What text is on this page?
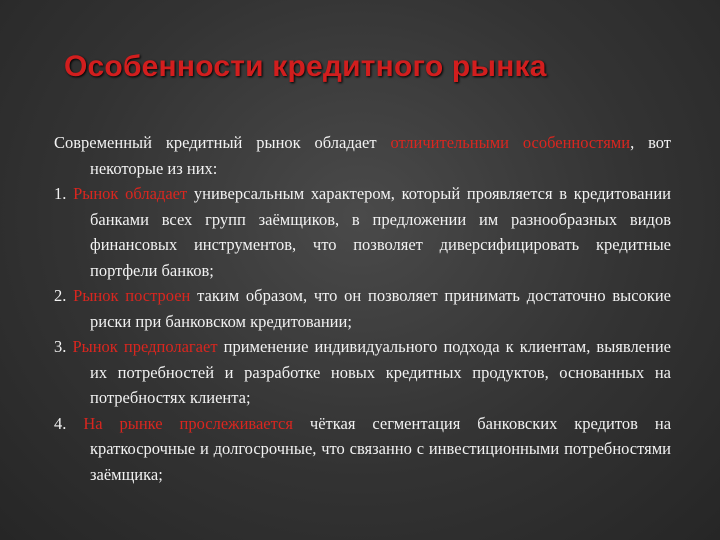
Особенности кредитного рынка

Современный кредитный рынок обладает отличительными особенностями, вот некоторые из них:

1. Рынок обладает универсальным характером, который проявляется в кредитовании банками всех групп заёмщиков, в предложении им разнообразных видов финансовых инструментов, что позволяет диверсифицировать кредитные портфели банков;

2. Рынок построен таким образом, что он позволяет принимать достаточно высокие риски при банковском кредитовании;

3. Рынок предполагает применение индивидуального подхода к клиентам, выявление их потребностей и разработке новых кредитных продуктов, основанных на потребностях клиента;

4. На рынке прослеживается чёткая сегментация банковских кредитов на краткосрочные и долгосрочные, что связанно с инвестиционными потребностями заёмщика;
